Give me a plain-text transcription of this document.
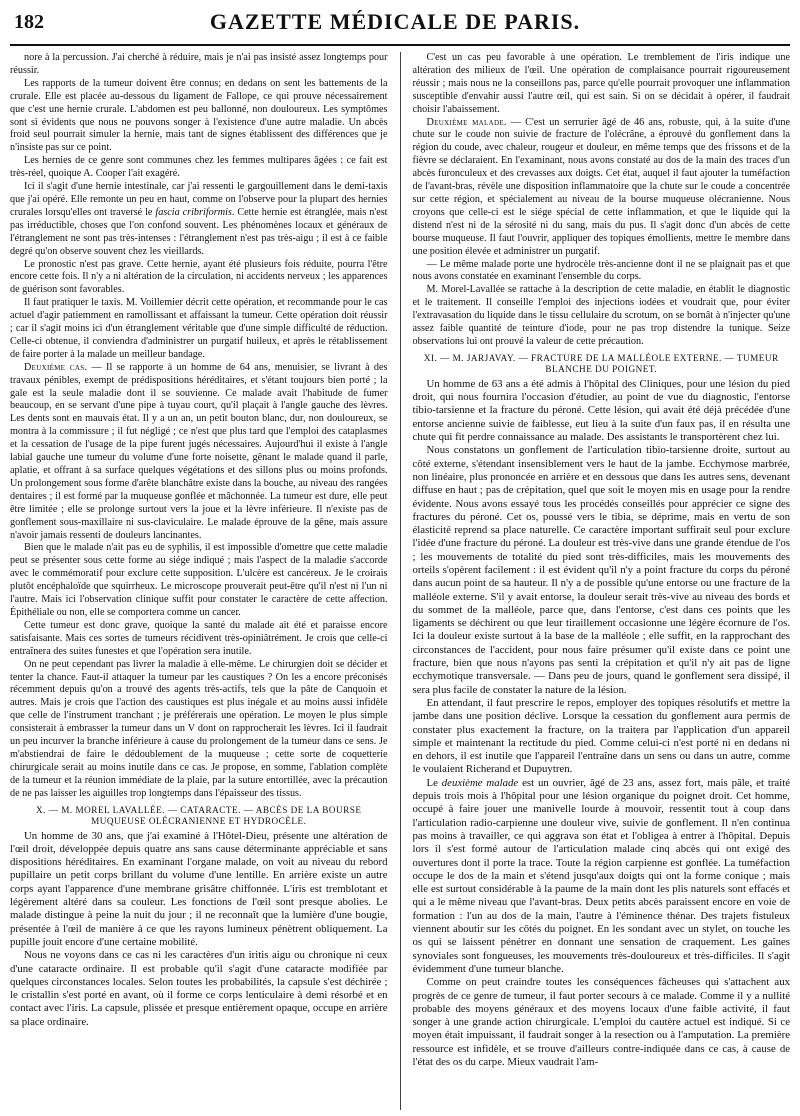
182	GAZETTE MÉDICALE DE PARIS.

nore à la percussion. J'ai cherché à réduire, mais je n'ai pas insisté assez longtemps pour réussir.

Les rapports de la tumeur doivent être connus; en dedans on sent les battements de la crurale. Elle est placée au-dessous du ligament de Fallope, ce qui prouve nécessairement que c'est une hernie crurale. L'abdomen est peu ballonné, non douloureux. Les symptômes sont si évidents que nous ne pouvons songer à l'existence d'une autre maladie. Un abcès froid seul pourrait simuler la hernie, mais tant de signes établissent des différences que je n'insiste pas sur ce point.

Les hernies de ce genre sont communes chez les femmes multipares âgées : ce fait est très-réel, quoique A. Cooper l'ait exagéré.

Ici il s'agit d'une hernie intestinale, car j'ai ressenti le gargouillement dans le demi-taxis que j'ai opéré. Elle remonte un peu en haut, comme on l'observe pour la plupart des hernies crurales lorsqu'elles ont traversé le fascia cribriformis. Cette hernie est étranglée, mais n'est pas irréductible, choses que l'on confond souvent. Les phénomènes locaux et généraux de l'étranglement ne sont pas très-intenses : l'étranglement n'est pas très-aigu ; il est à ce faible degré qu'on observe souvent chez les vieillards.

Le pronostic n'est pas grave. Cette hernie, ayant été plusieurs fois réduite, pourra l'être encore cette fois. Il n'y a ni altération de la circulation, ni accidents nerveux ; les apparences de guérison sont favorables.

Il faut pratiquer le taxis. M. Voillemier décrit cette opération, et recommande pour le cas actuel d'agir patiemment en ramollissant et affaissant la tumeur. Cette opération doit réussir ; car il s'agit moins ici d'un étranglement véritable que d'une simple difficulté de réduction. Celle-ci obtenue, il conviendra d'administrer un purgatif huileux, et après le rétablissement de faire porter à la malade un meilleur bandage.

Deuxième cas. — Il se rapporte à un homme de 64 ans, menuisier, se livrant à des travaux pénibles, exempt de prédispositions héréditaires, et s'étant toujours bien porté ; la gale est la seule maladie dont il se souvienne. Ce malade avait l'habitude de fumer beaucoup, en se servant d'une pipe à tuyau court, qu'il plaçait à l'angle gauche des lèvres. Les dents sont en mauvais état. Il y a un an, un petit bouton blanc, dur, non douloureux, se montra à la commissure ; il fut négligé ; ce n'est que plus tard que l'emploi des cataplasmes et la cessation de l'usage de la pipe furent jugés nécessaires. Aujourd'hui il existe à l'angle labial gauche une tumeur du volume d'une forte noisette, gênant le malade quand il parle, aplatie, et offrant à sa surface quelques végétations et des sillons plus ou moins profonds. Un prolongement sous forme d'arête blanchâtre existe dans la bouche, au niveau des rangées dentaires ; il est formé par la muqueuse gonflée et mâchonnée. La tumeur est dure, elle peut être limitée ; elle se prolonge surtout vers la joue et la lèvre inférieure. Il n'existe pas de gonflement sous-maxillaire ni sus-claviculaire. Le malade éprouve de la gêne, mais assure n'avoir jamais ressenti de douleurs lancinantes.

Bien que le malade n'ait pas eu de syphilis, il est impossible d'omettre que cette maladie peut se présenter sous cette forme au siége indiqué ; mais l'aspect de la maladie s'accorde avec le commémoratif pour exclure cette supposition. L'ulcère est cancéreux. Je le croirais plutôt encéphaloïde que squirrheux. Le microscope prouverait peut-être qu'il n'est ni l'un ni l'autre. Mais ici l'observation clinique suffit pour constater le caractère de cette affection. Épithéliale ou non, elle se comportera comme un cancer.

Cette tumeur est donc grave, quoique la santé du malade ait été et paraisse encore satisfaisante. Mais ces sortes de tumeurs récidivent très-opiniâtrément. Je crois que celle-ci entraînera des suites funestes et que l'opération sera inutile.

On ne peut cependant pas livrer la maladie à elle-même. Le chirurgien doit se décider et tenter la chance. Faut-il attaquer la tumeur par les caustiques ? On les a encore préconisés récemment depuis qu'on a trouvé des agents très-actifs, tels que la pâte de Canquoin et autres. Mais je crois que l'action des caustiques est plus inégale et au moins aussi infidèle que celle de l'instrument tranchant ; je préférerais une opération. Le moyen le plus simple consisterait à embrasser la tumeur dans un V dont on rapprocherait les lèvres. Ici il faudrait un peu incurver la branche inférieure à cause du prolongement de la tumeur dans ce sens. Je m'abstiendrai de faire le dédoublement de la muqueuse ; cette sorte de coquetterie chirurgicale serait au moins inutile dans ce cas. Je propose, en somme, l'ablation complète de la tumeur et la réunion immédiate de la plaie, par la suture entortillée, avec la précaution de ne pas laisser les aiguilles trop longtemps dans l'épaisseur des tissus.

X. — M. MOREL LAVALLÉE. — CATARACTE. — ABCÈS DE LA BOURSE MUQUEUSE OLÉCRANIENNE ET HYDROCÈLE.

Un homme de 30 ans, que j'ai examiné à l'Hôtel-Dieu, présente une altération de l'œil droit, développée depuis quatre ans sans cause déterminante appréciable et sans dispositions héréditaires. En examinant l'organe malade, on voit au niveau du rebord pupillaire un petit corps brillant du volume d'une lentille. En arrière existe un autre corps ayant l'apparence d'une membrane grisâtre chiffonnée. L'iris est tremblotant et légèrement altéré dans sa couleur. Les fonctions de l'œil sont presque abolies. Le malade distingue à peine la nuit du jour ; il ne reconnaît que la lumière d'une bougie, présentée à l'œil de manière à ce que les rayons lumineux pénètrent obliquement. La pupille jouit encore d'une certaine mobilité.

Nous ne voyons dans ce cas ni les caractères d'un iritis aigu ou chronique ni ceux d'une cataracte ordinaire. Il est probable qu'il s'agit d'une cataracte modifiée par quelques circonstances locales. Selon toutes les probabilités, la capsule s'est déchirée ; le cristallin s'est porté en avant, où il forme ce corps lenticulaire à demi résorbé et en contact avec l'iris. La capsule, plissée et presque entièrement opaque, occupe en arrière sa place ordinaire.

C'est un cas peu favorable à une opération. Le tremblement de l'iris indique une altération des milieux de l'œil. Une opération de complaisance pourrait rigoureusement réussir ; mais nous ne la conseillons pas, parce qu'elle pourrait provoquer une inflammation susceptible d'envahir aussi l'autre œil, qui est sain. Si on se décidait à opérer, il faudrait choisir l'abaissement.

Deuxième malade. — C'est un serrurier âgé de 46 ans, robuste, qui, à la suite d'une chute sur le coude non suivie de fracture de l'olécrâne, a éprouvé du gonflement dans la région du coude, avec chaleur, rougeur et douleur, en même temps que des frissons et de la fièvre se déclaraient. En l'examinant, nous avons constaté au dos de la main des traces d'un abcès furonculeux et des crevasses aux doigts. Cet état, auquel il faut ajouter la tuméfaction de l'avant-bras, révèle une disposition inflammatoire que la chute sur le coude a concentrée sur cette région, et spécialement au niveau de la bourse muqueuse olécranienne. Nous croyons que celle-ci est le siége spécial de cette inflammation, et que le liquide qui la distend n'est ni de la sérosité ni du sang, mais du pus. Il s'agit donc d'un abcès de cette bourse muqueuse. Il faut l'ouvrir, appliquer des topiques émollients, mettre le membre dans une position élevée et administrer un purgatif.

— Le même malade porte une hydrocèle très-ancienne dont il ne se plaignait pas et que nous avons constatée en examinant l'ensemble du corps.

M. Morel-Lavallée se rattache à la description de cette maladie, en établit le diagnostic et le traitement. Il conseille l'emploi des injections iodées et voudrait que, pour éviter l'extravasation du liquide dans le tissu cellulaire du scrotum, on se bornât à n'injecter qu'une assez faible quantité de teinture d'iode, pour ne pas trop distendre la tunique. Seize observations lui ont prouvé la valeur de cette précaution.

XI. — M. JARJAVAY. — FRACTURE DE LA MALLÉOLE EXTERNE. — TUMEUR BLANCHE DU POIGNET.

Un homme de 63 ans a été admis à l'hôpital des Cliniques, pour une lésion du pied droit, qui nous fournira l'occasion d'étudier, au point de vue du diagnostic, l'entorse tibio-tarsienne et la fracture du péroné. Cette lésion, qui avait été déjà précédée d'une entorse ancienne suivie de faiblesse, eut lieu à la suite d'un faux pas, il en résulta une chute qui fit perdre connaissance au malade. Des assistants le transportèrent chez lui.

Nous constatons un gonflement de l'articulation tibio-tarsienne droite, surtout au côté externe, s'étendant insensiblement vers le haut de la jambe. Ecchymose marbrée, non linéaire, plus prononcée en arrière et en dessous que dans les autres sens, devenant diffuse en haut ; pas de crépitation, quel que soit le moyen mis en usage pour la rendre évidente. Nous avons essayé tous les procédés conseillés pour apprécier ce signe des fractures du péroné. Cet os, poussé vers le tibia, se déprime, mais en vertu de son élasticité reprend sa place naturelle. Ce caractère important suffirait seul pour exclure l'idée d'une fracture du péroné. La douleur est très-vive dans une grande étendue de l'os ; les mouvements de totalité du pied sont très-difficiles, mais les mouvements des orteils s'opèrent facilement : il est évident qu'il n'y a point fracture du corps du péroné dans aucun point de sa hauteur. Il n'y a de possible qu'une entorse ou une fracture de la malléole externe. S'il y avait entorse, la douleur serait très-vive au niveau des bords et du sommet de la malléole, parce que, dans l'entorse, c'est dans ces points que les ligaments se déchirent ou que leur tiraillement occasionne une légère écornure de l'os. Ici la douleur existe surtout à la base de la malléole ; elle suffit, en la rapprochant des circonstances de l'accident, pour nous faire présumer qu'il existe dans ce point une fracture, bien que nous n'ayons pas senti la crépitation et qu'il n'y ait pas de ligne ecchymotique transversale. — Dans peu de jours, quand le gonflement sera dissipé, il sera plus facile de constater la nature de la lésion.

En attendant, il faut prescrire le repos, employer des topiques résolutifs et mettre la jambe dans une position déclive. Lorsque la cessation du gonflement aura permis de constater plus exactement la fracture, on la traitera par l'application d'un appareil simple et maintenant la rectitude du pied. Comme celui-ci n'est porté ni en dedans ni en dehors, il est inutile que l'appareil l'entraîne dans un sens ou dans un autre, comme le voulaient Richerand et Dupuytren.

Le deuxième malade est un ouvrier, âgé de 23 ans, assez fort, mais pâle, et traité depuis trois mois à l'hôpital pour une lésion organique du poignet droit. Cet homme, occupé à faire jouer une manivelle lourde à mouvoir, ressentit tout à coup dans l'articulation radio-carpienne une douleur vive, suivie de gonflement. Il n'en continua pas moins à travailler, ce qui aggrava son état et l'obligea à entrer à l'hôpital. Depuis lors il s'est formé autour de l'articulation malade cinq abcès qui ont exigé des ouvertures dont il porte la trace. Toute la région carpienne est gonflée. La tuméfaction occupe le dos de la main et s'étend jusqu'aux doigts qui ont la forme conique ; mais elle est surtout considérable à la paume de la main dont les plis naturels sont effacés et qui a le même niveau que l'avant-bras. Deux petits abcès paraissent encore en voie de formation : l'un au dos de la main, l'autre à l'éminence thénar. Des trajets fistuleux viennent aboutir sur les côtés du poignet. En les sondant avec un stylet, on touche les os qui se laissent pénétrer en donnant une sensation de craquement. Les gaînes synoviales sont fongueuses, les mouvements très-douloureux et très-difficiles. Il s'agit évidemment d'une tumeur blanche.

Comme on peut craindre toutes les conséquences fâcheuses qui s'attachent aux progrès de ce genre de tumeur, il faut porter secours à ce malade. Comme il y a nullité probable des moyens généraux et des moyens locaux d'une faible activité, il faut songer à une grande action chirurgicale. L'emploi du cautère actuel est indiqué. Si ce moyen était impuissant, il faudrait songer à la resection ou à l'amputation. La première ressource est infidèle, et se trouve d'ailleurs contre-indiquée dans ce cas, à cause de l'état des os du carpe. Mieux vaudrait l'am-
